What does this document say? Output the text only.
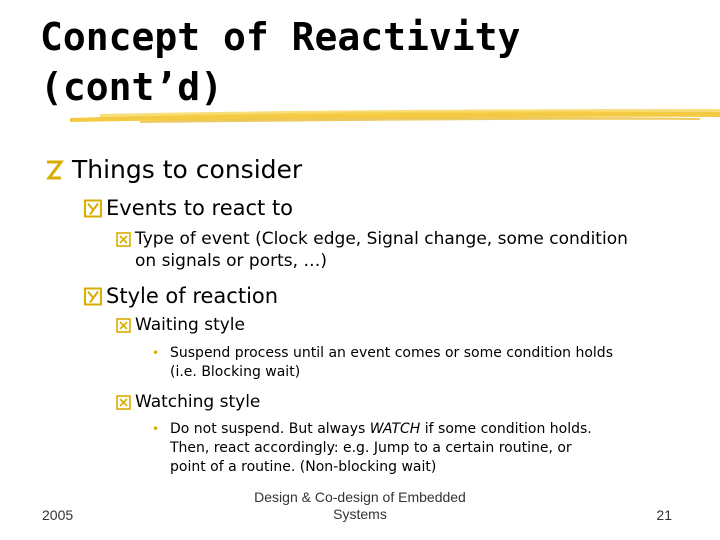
Concept of Reactivity
(cont’d)
Things to consider
Events to react to
Type of event (Clock edge, Signal change, some condition
on signals or ports, …)
Style of reaction
Waiting style
• Suspend process until an event comes or some condition holds
(i.e. Blocking wait)
Watching style
• Do not suspend. But always WATCH if some condition holds.
Then, react accordingly: e.g. Jump to a certain routine, or
point of a routine. (Non-blocking wait)
2005
Design & Co-design of Embedded
Systems	21
